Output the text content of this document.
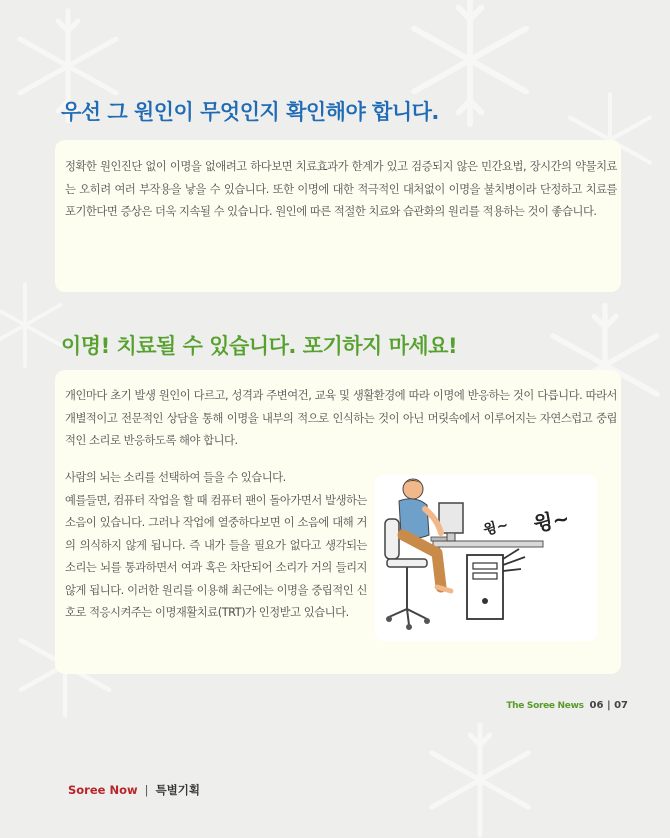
우선 그 원인이 무엇인지 확인해야 합니다.

정확한 원인진단 없이 이명을 없애려고 하다보면 치료효과가 한계가 있고 검증되지 않은 민간요법, 장시간의 약물치료는 오히려 여러 부작용을 낳을 수 있습니다. 또한 이명에 대한 적극적인 대처없이 이명을 불치병이라 단정하고 치료를 포기한다면 증상은 더욱 지속될 수 있습니다. 원인에 따른 적절한 치료와 습관화의 원리를 적용하는 것이 좋습니다.

이명! 치료될 수 있습니다. 포기하지 마세요!

개인마다 초기 발생 원인이 다르고, 성격과 주변여건, 교육 및 생활환경에 따라 이명에 반응하는 것이 다릅니다. 따라서 개별적이고 전문적인 상담을 통해 이명을 내부의 적으로 인식하는 것이 아닌 머릿속에서 이루어지는 자연스럽고 중립적인 소리로 반응하도록 해야 합니다.

사람의 뇌는 소리를 선택하여 들을 수 있습니다.
예를들면, 컴퓨터 작업을 할 때 컴퓨터 팬이 돌아가면서 발생하는 소음이 있습니다. 그러나 작업에 열중하다보면 이 소음에 대해 거의 의식하지 않게 됩니다. 즉 내가 들을 필요가 없다고 생각되는 소리는 뇌를 통과하면서 여과 혹은 차단되어 소리가 거의 들리지 않게 됩니다. 이러한 원리를 이용해 최근에는 이명을 중립적인 신호로 적응시켜주는 이명재활치료(TRT)가 인정받고 있습니다.

윙~ 윙~
The Soree News 06 | 07
Soree Now | 특별기획
